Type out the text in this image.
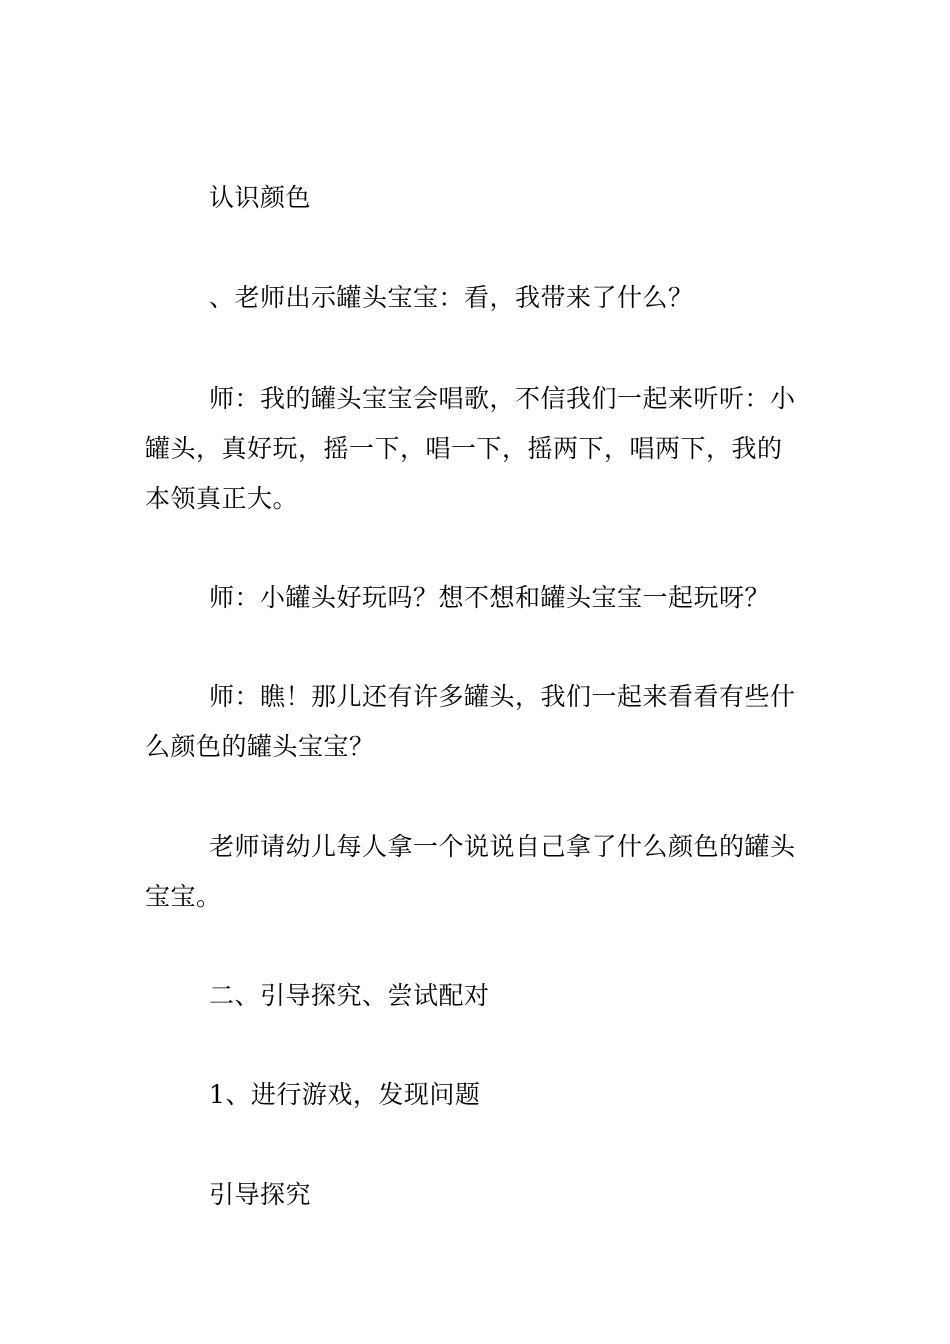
认识颜色

、老师出示罐头宝宝：看，我带来了什么？

师：我的罐头宝宝会唱歌，不信我们一起来听听：小罐头，真好玩，摇一下，唱一下，摇两下，唱两下，我的本领真正大。

师：小罐头好玩吗？想不想和罐头宝宝一起玩呀？

师：瞧！那儿还有许多罐头，我们一起来看看有些什么颜色的罐头宝宝？

老师请幼儿每人拿一个说说自己拿了什么颜色的罐头宝宝。

二、引导探究、尝试配对

1、进行游戏，发现问题

引导探究
